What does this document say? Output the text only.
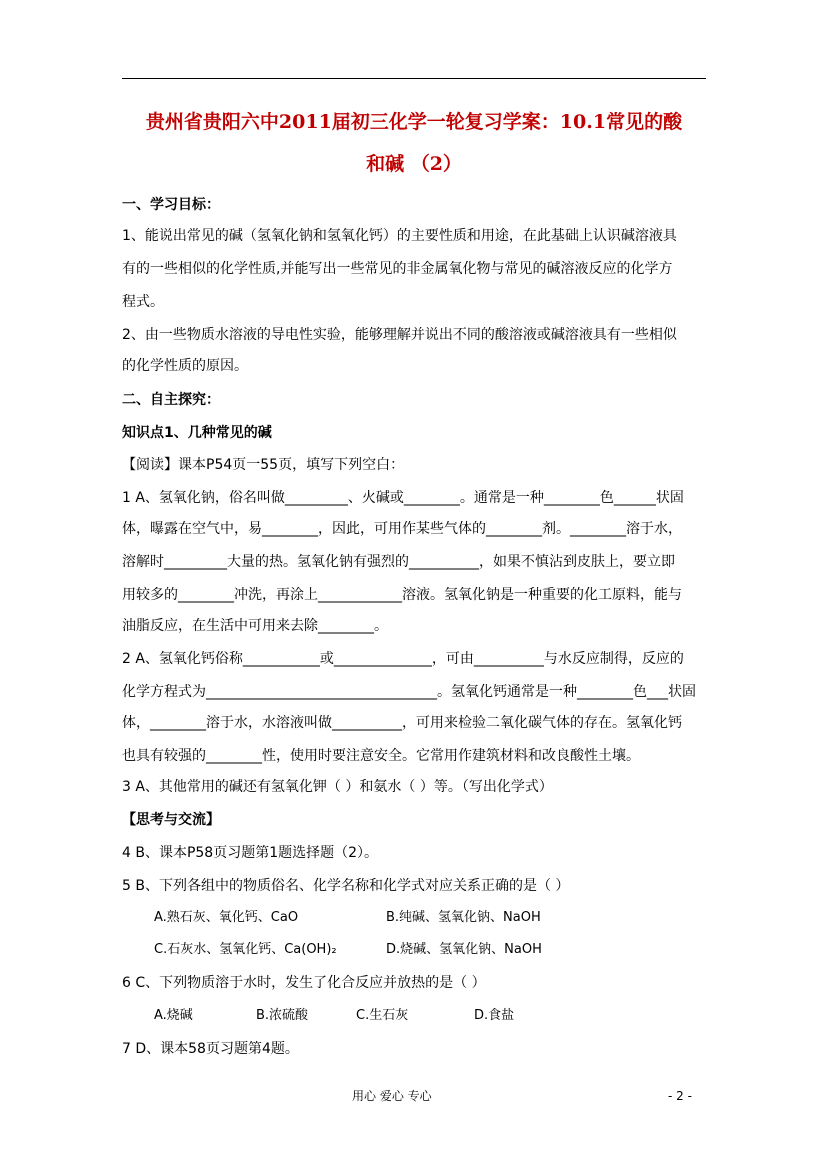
贵州省贵阳六中2011届初三化学一轮复习学案：10.1常见的酸
和碱 （2）
一、学习目标：
1、能说出常见的碱（氢氧化钠和氢氧化钙）的主要性质和用途，在此基础上认识碱溶液具
有的一些相似的化学性质,并能写出一些常见的非金属氧化物与常见的碱溶液反应的化学方
程式。
2、由一些物质水溶液的导电性实验，能够理解并说出不同的酸溶液或碱溶液具有一些相似
的化学性质的原因。
二、自主探究：
知识点1、几种常见的碱
【阅读】课本P54页一55页，填写下列空白：
1 A、氢氧化钠，俗名叫做_________、火碱或________。通常是一种________色______状固
体，曝露在空气中，易________，因此，可用作某些气体的________剂。________溶于水，
溶解时_________大量的热。氢氧化钠有强烈的__________，如果不慎沾到皮肤上，要立即
用较多的________冲洗，再涂上____________溶液。氢氧化钠是一种重要的化工原料，能与
油脂反应，在生活中可用来去除________。
2 A、氢氧化钙俗称___________或______________，可由__________与水反应制得，反应的
化学方程式为_________________________________。氢氧化钙通常是一种________色___状固
体，________溶于水，水溶液叫做__________，可用来检验二氧化碳气体的存在。氢氧化钙
也具有较强的________性，使用时要注意安全。它常用作建筑材料和改良酸性土壤。
3 A、其他常用的碱还有氢氧化钾（ ）和氨水（ ）等。（写出化学式）
【思考与交流】
4 B、课本P58页习题第1题选择题（2）。
5 B、下列各组中的物质俗名、化学名称和化学式对应关系正确的是（ ）
A.熟石灰、氧化钙、CaO	B.纯碱、氢氧化钠、NaOH
C.石灰水、氢氧化钙、Ca(OH)₂	D.烧碱、氢氧化钠、NaOH
6 C、下列物质溶于水时，发生了化合反应并放热的是（ ）
A.烧碱	B.浓硫酸	C.生石灰	D.食盐
7 D、课本58页习题第4题。
用心 爱心 专心	- 2 -
